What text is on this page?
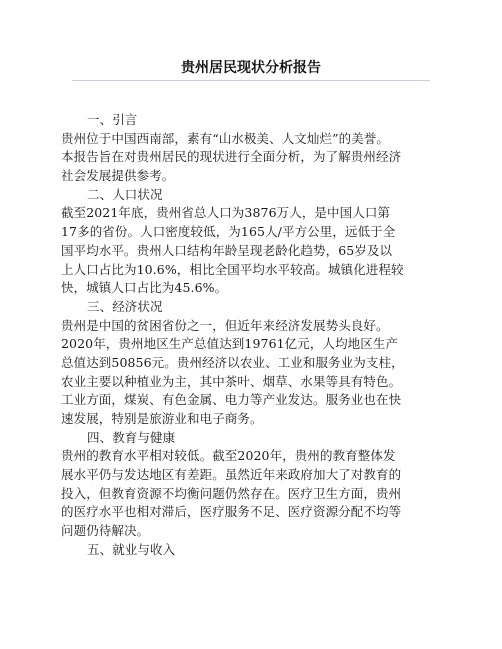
贵州居民现状分析报告
一、引言
贵州位于中国西南部，素有“山水极美、人文灿烂”的美誉。
本报告旨在对贵州居民的现状进行全面分析，为了解贵州经济
社会发展提供参考。
二、人口状况
截至2021年底，贵州省总人口为3876万人，是中国人口第
17多的省份。人口密度较低，为165人/平方公里，远低于全
国平均水平。贵州人口结构年龄呈现老龄化趋势，65岁及以
上人口占比为10.6%，相比全国平均水平较高。城镇化进程较
快，城镇人口占比为45.6%。
三、经济状况
贵州是中国的贫困省份之一，但近年来经济发展势头良好。
2020年，贵州地区生产总值达到19761亿元，人均地区生产
总值达到50856元。贵州经济以农业、工业和服务业为支柱，
农业主要以种植业为主，其中茶叶、烟草、水果等具有特色。
工业方面，煤炭、有色金属、电力等产业发达。服务业也在快
速发展，特别是旅游业和电子商务。
四、教育与健康
贵州的教育水平相对较低。截至2020年，贵州的教育整体发
展水平仍与发达地区有差距。虽然近年来政府加大了对教育的
投入，但教育资源不均衡问题仍然存在。医疗卫生方面，贵州
的医疗水平也相对滞后，医疗服务不足、医疗资源分配不均等
问题仍待解决。
五、就业与收入
